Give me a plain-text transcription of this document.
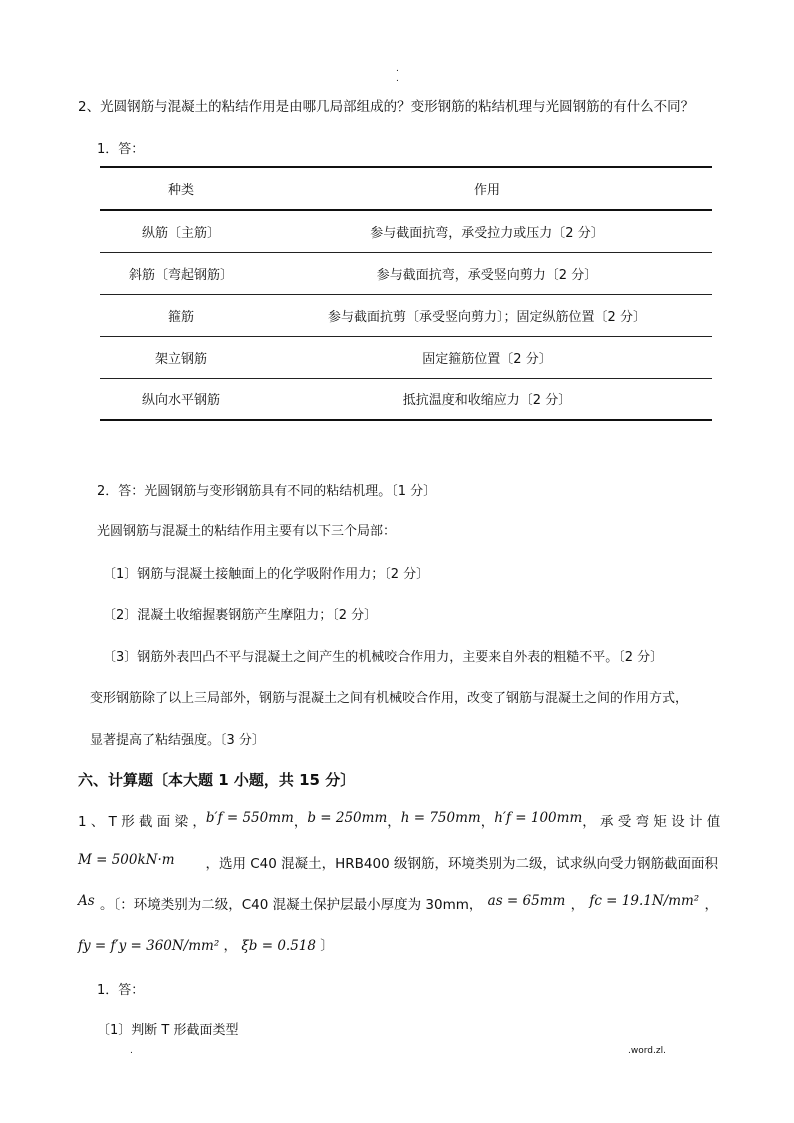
.
.
2、光圆钢筋与混凝土的粘结作用是由哪几局部组成的？变形钢筋的粘结机理与光圆钢筋的有什么不同？
1．答：
种类	作用
纵筋〔主筋〕	参与截面抗弯，承受拉力或压力〔2 分〕
斜筋〔弯起钢筋〕	参与截面抗弯，承受竖向剪力〔2 分〕
箍筋	参与截面抗剪〔承受竖向剪力〕；固定纵筋位置〔2 分〕
架立钢筋	固定箍筋位置〔2 分〕
纵向水平钢筋	抵抗温度和收缩应力〔2 分〕
2．答：光圆钢筋与变形钢筋具有不同的粘结机理。〔1 分〕
光圆钢筋与混凝土的粘结作用主要有以下三个局部：
〔1〕钢筋与混凝土接触面上的化学吸附作用力；〔2 分〕
〔2〕混凝土收缩握裹钢筋产生摩阻力；〔2 分〕
〔3〕钢筋外表凹凸不平与混凝土之间产生的机械咬合作用力，主要来自外表的粗糙不平。〔2 分〕
变形钢筋除了以上三局部外，钢筋与混凝土之间有机械咬合作用，改变了钢筋与混凝土之间的作用方式，
显著提高了粘结强度。〔3 分〕
六、计算题〔本大题 1 小题，共 15 分〕
1 、 T 形 截 面 梁 ， b′f = 550mm ， b = 250mm ， h = 750mm ， h′f = 100mm ， 承 受 弯 矩 设 计 值
M = 500kN·m ，选用 C40 混凝土，HRB400 级钢筋，环境类别为二级，试求纵向受力钢筋截面面积
As 。〔：环境类别为二级，C40 混凝土保护层最小厚度为 30mm， as = 65mm ， fc = 19.1N/mm² ，
fy = f′y = 360N/mm² ， ξb = 0.518 〕
1．答：
〔1〕判断 T 形截面类型
.	.word.zl.
